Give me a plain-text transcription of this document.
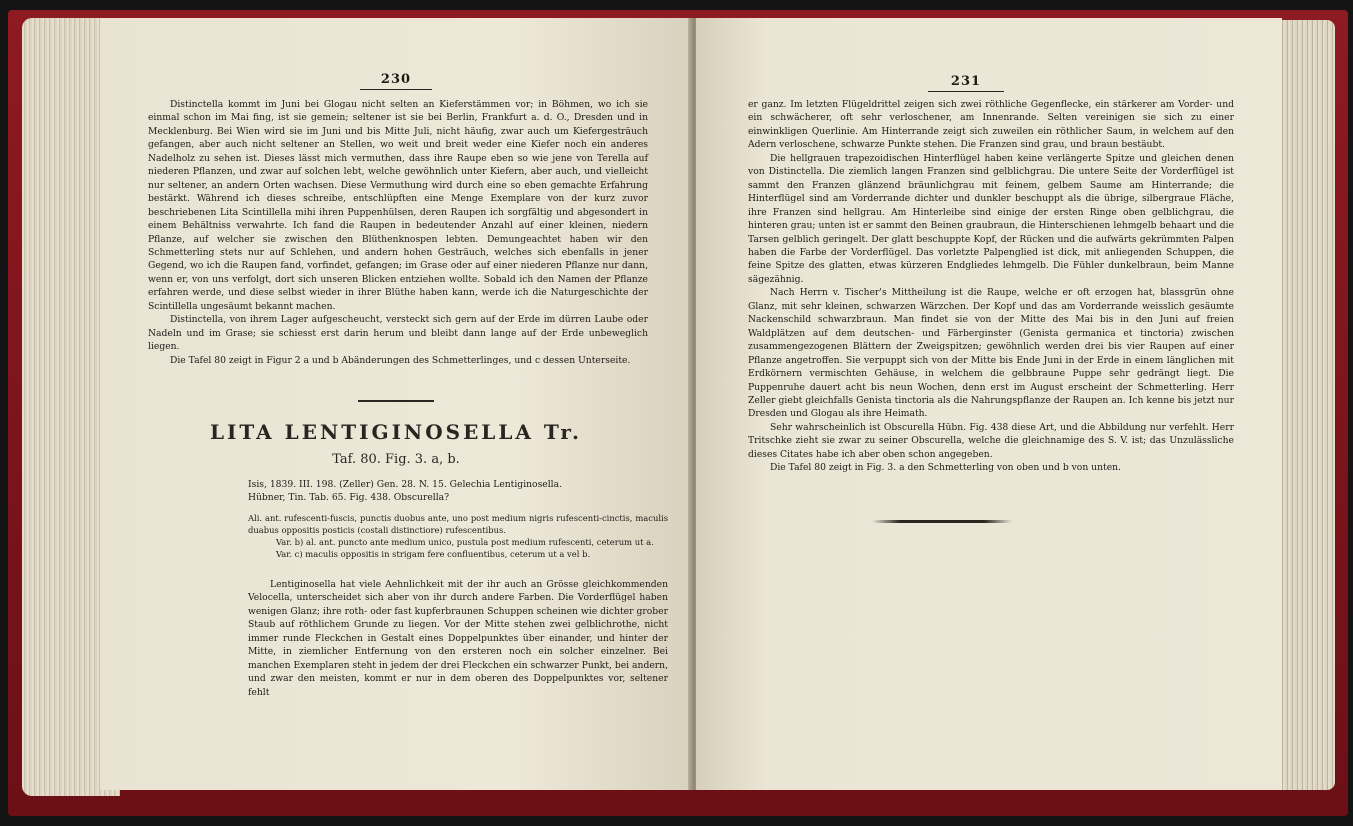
230

Distinctella kommt im Juni bei Glogau nicht selten an Kieferstämmen vor; in Böhmen, wo ich sie einmal schon im Mai fing, ist sie gemein; seltener ist sie bei Berlin, Frankfurt a. d. O., Dresden und in Mecklenburg. Bei Wien wird sie im Juni und bis Mitte Juli, nicht häufig, zwar auch um Kiefergesträuch gefangen, aber auch nicht seltener an Stellen, wo weit und breit weder eine Kiefer noch ein anderes Nadelholz zu sehen ist. Dieses lässt mich vermuthen, dass ihre Raupe eben so wie jene von Terella auf niederen Pflanzen, und zwar auf solchen lebt, welche gewöhnlich unter Kiefern, aber auch, und vielleicht nur seltener, an andern Orten wachsen. Diese Vermuthung wird durch eine so eben gemachte Erfahrung bestärkt. Während ich dieses schreibe, entschlüpften eine Menge Exemplare von der kurz zuvor beschriebenen Lita Scintillella mihi ihren Puppenhülsen, deren Raupen ich sorgfältig und abgesondert in einem Behältniss verwahrte. Ich fand die Raupen in bedeutender Anzahl auf einer kleinen, niedern Pflanze, auf welcher sie zwischen den Blüthenknospen lebten. Demungeachtet haben wir den Schmetterling stets nur auf Schlehen, und andern hohen Gesträuch, welches sich ebenfalls in jener Gegend, wo ich die Raupen fand, vorfindet, gefangen; im Grase oder auf einer niederen Pflanze nur dann, wenn er, von uns verfolgt, dort sich unseren Blicken entziehen wollte. Sobald ich den Namen der Pflanze erfahren werde, und diese selbst wieder in ihrer Blüthe haben kann, werde ich die Naturgeschichte der Scintillella ungesäumt bekannt machen.

Distinctella, von ihrem Lager aufgescheucht, versteckt sich gern auf der Erde im dürren Laube oder Nadeln und im Grase; sie schiesst erst darin herum und bleibt dann lange auf der Erde unbeweglich liegen.

Die Tafel 80 zeigt in Figur 2 a und b Abänderungen des Schmetterlinges, und c dessen Unterseite.

LITA LENTIGINOSELLA Tr.
Taf. 80. Fig. 3. a, b.

Isis, 1839. III. 198. (Zeller) Gen. 28. N. 15. Gelechia Lentiginosella.

Hübner, Tin. Tab. 65. Fig. 438. Obscurella?

Ali. ant. rufescenti-fuscis, punctis duobus ante, uno post medium nigris rufescenti-cinctis, maculis duabus oppositis posticis (costali distinctiore) rufescentibus.

Var. b) al. ant. puncto ante medium unico, pustula post medium rufescenti, ceterum ut a.

Var. c) maculis oppositis in strigam fere confluentibus, ceterum ut a vel b.

Lentiginosella hat viele Aehnlichkeit mit der ihr auch an Grösse gleichkommenden Velocella, unterscheidet sich aber von ihr durch andere Farben. Die Vorderflügel haben wenigen Glanz; ihre roth- oder fast kupferbraunen Schuppen scheinen wie dichter grober Staub auf röthlichem Grunde zu liegen. Vor der Mitte stehen zwei gelblichrothe, nicht immer runde Fleckchen in Gestalt eines Doppelpunktes über einander, und hinter der Mitte, in ziemlicher Entfernung von den ersteren noch ein solcher einzelner. Bei manchen Exemplaren steht in jedem der drei Fleckchen ein schwarzer Punkt, bei andern, und zwar den meisten, kommt er nur in dem oberen des Doppelpunktes vor, seltener fehlt

231

er ganz. Im letzten Flügeldrittel zeigen sich zwei röthliche Gegenflecke, ein stärkerer am Vorder- und ein schwächerer, oft sehr verloschener, am Innenrande. Selten vereinigen sie sich zu einer einwinkligen Querlinie. Am Hinterrande zeigt sich zuweilen ein röthlicher Saum, in welchem auf den Adern verloschene, schwarze Punkte stehen. Die Franzen sind grau, und braun bestäubt.

Die hellgrauen trapezoidischen Hinterflügel haben keine verlängerte Spitze und gleichen denen von Distinctella. Die ziemlich langen Franzen sind gelblichgrau. Die untere Seite der Vorderflügel ist sammt den Franzen glänzend bräunlichgrau mit feinem, gelbem Saume am Hinterrande; die Hinterflügel sind am Vorderrande dichter und dunkler beschuppt als die übrige, silbergraue Fläche, ihre Franzen sind hellgrau. Am Hinterleibe sind einige der ersten Ringe oben gelblichgrau, die hinteren grau; unten ist er sammt den Beinen graubraun, die Hinterschienen lehmgelb behaart und die Tarsen gelblich geringelt. Der glatt beschuppte Kopf, der Rücken und die aufwärts gekrümmten Palpen haben die Farbe der Vorderflügel. Das vorletzte Palpenglied ist dick, mit anliegenden Schuppen, die feine Spitze des glatten, etwas kürzeren Endgliedes lehmgelb. Die Fühler dunkelbraun, beim Manne sägezähnig.

Nach Herrn v. Tischer's Mittheilung ist die Raupe, welche er oft erzogen hat, blassgrün ohne Glanz, mit sehr kleinen, schwarzen Wärzchen. Der Kopf und das am Vorderrande weisslich gesäumte Nackenschild schwarzbraun. Man findet sie von der Mitte des Mai bis in den Juni auf freien Waldplätzen auf dem deutschen- und Färberginster (Genista germanica et tinctoria) zwischen zusammengezogenen Blättern der Zweigspitzen; gewöhnlich werden drei bis vier Raupen auf einer Pflanze angetroffen. Sie verpuppt sich von der Mitte bis Ende Juni in der Erde in einem länglichen mit Erdkörnern vermischten Gehäuse, in welchem die gelbbraune Puppe sehr gedrängt liegt. Die Puppenruhe dauert acht bis neun Wochen, denn erst im August erscheint der Schmetterling. Herr Zeller giebt gleichfalls Genista tinctoria als die Nahrungspflanze der Raupen an. Ich kenne bis jetzt nur Dresden und Glogau als ihre Heimath.

Sehr wahrscheinlich ist Obscurella Hübn. Fig. 438 diese Art, und die Abbildung nur verfehlt. Herr Tritschke zieht sie zwar zu seiner Obscurella, welche die gleichnamige des S. V. ist; das Unzulässliche dieses Citates habe ich aber oben schon angegeben.

Die Tafel 80 zeigt in Fig. 3. a den Schmetterling von oben und b von unten.
